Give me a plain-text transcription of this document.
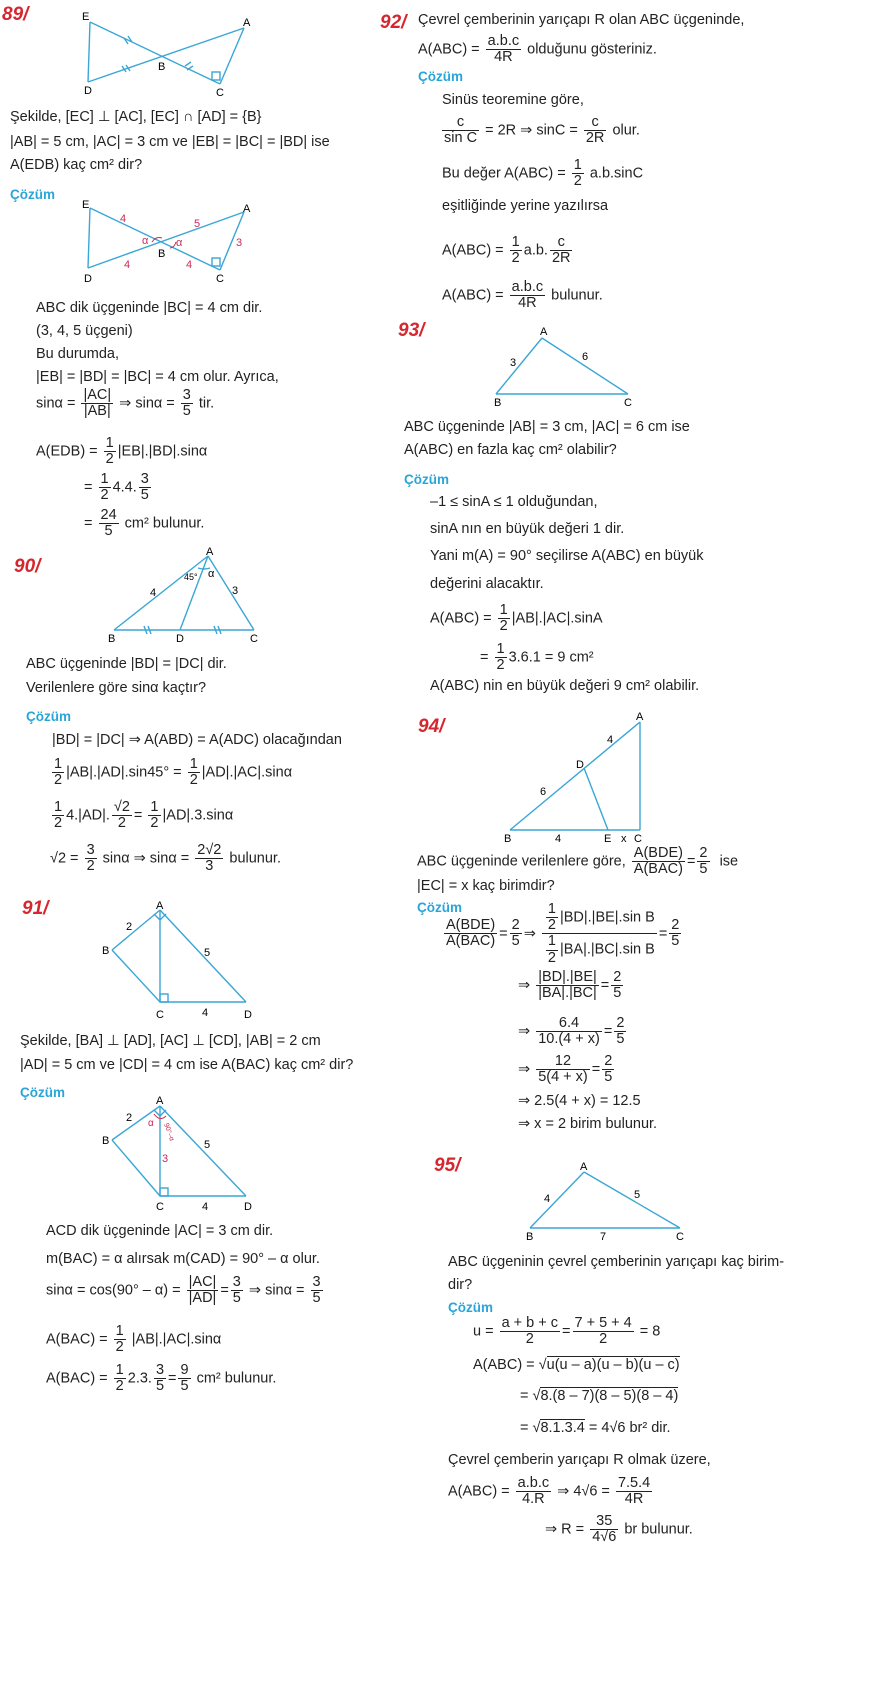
89/	E	A
B
D	C
Şekilde, [EC] ⊥ [AC], [EC] ∩ [AD] = {B}
|AB| = 5 cm, |AC| = 3 cm ve |EB| = |BC| = |BD| ise
A(EDB) kaç cm² dir?
Çözüm
E	A
B
D	C
4	5
3
4	4
α	α
ABC dik üçgeninde |BC| = 4 cm dir.
(3, 4, 5 üçgeni)
Bu durumda,
|EB| = |BD| = |BC| = 4 cm olur. Ayrıca,
$\sin\alpha = \frac{|AC|}{|AB|}$ ⇒ $\sin\alpha = \frac{3}{5}$ tir.
$A(EDB) = \frac{1}{2} |EB|.|BD|.\sin\alpha$
= $\frac{1}{2} 4.4$. $\frac{3}{5}$
= $\frac{24}{5} cm^2$ bulunur.
90/
A
B	D	C
4	3
45° α
ABC üçgeninde |BD| = |DC| dir.
Verilenlere göre sinα kaçtır?
Çözüm
|BD| = |DC| ⇒ A(ABD) = A(ADC) olacağından
$\frac{1}{2} |AB|.|AD|.\sin 45^\circ = \frac{1}{2} |AD|.|AC|.\sin\alpha$
$\frac{1}{2} 4.|AD|$. $\frac{√2}{2} = \frac{1}{2} |AD|.3.\sin\alpha$
$√2 = \frac{3}{2}$ sinα ⇒ $\sin\alpha = \frac{2√2}{3}$ bulunur.
91/	A
B
C	D
2
5
4
Şekilde, [BA] ⊥ [AD], [AC] ⊥ [CD], |AB| = 2 cm
|AD| = 5 cm ve |CD| = 4 cm ise A(BAC) kaç cm² dir?
Çözüm
A
B
C	D
2
5
4
3
α 90°–α
ACD dik üçgeninde |AC| = 3 cm dir.
m(BAC) = α alırsak m(CAD) = 90° – α olur.
$\sin\alpha = \cos(90^\circ - \alpha) = \frac{|AC|}{|AD|} = \frac{3}{5}$ ⇒ $\sin\alpha = \frac{3}{5}$
$A(BAC) = \frac{1}{2} |AB|.|AC|.\sin\alpha$
$A(BAC) = \frac{1}{2} 2.3$. $\frac{3}{5} = \frac{9}{5} cm^2$ bulunur.
92/ Çevrel çemberinin yarıçapı R olan ABC üçgeninde,
$A(ABC) = \frac{a.b.c}{4R}$ olduğunu gösteriniz.
Çözüm
Sinüs teoremine göre,
$\frac{c}{\text{sin C}} = 2R$ ⇒ $\sin C = \frac{c}{2R}$ olur.
Bu değer $A(ABC) = \frac{1}{2} a.b.\sin C$
eşitliğinde yerine yazılırsa
$A(ABC) = \frac{1}{2} a.b$. $\frac{c}{2R}$
$A(ABC) = \frac{a.b.c}{4R}$ bulunur.
93/	A
B	C
3	6
ABC üçgeninde |AB| = 3 cm, |AC| = 6 cm ise
A(ABC) en fazla kaç cm² olabilir?
Çözüm
–1 ≤ sinA ≤ 1 olduğundan,
sinA nın en büyük değeri 1 dir.
Yani m(A) = 90° seçilirse A(ABC) en büyük
değerini alacaktır.
$A(ABC) = \frac{1}{2} |AB|.|AC|.\sin A$
= $\frac{1}{2} 3.6.1 = 9$ cm²
A(ABC) nin en büyük değeri 9 cm² olabilir.
94/	A
B	C
D
E
4
6
4	x
ABC üçgeninde verilenlere göre,
A(BDE)
$A(BAC) = \frac{2}{5}$ ise
|EC| = x kaç birimdir?
Çözüm
A(BDE)
$A(BAC) = \frac{2}{5}$ ⇒ $\frac{\frac{1}{2} |BD|.|BE|.\sin B}{\frac{1}{2} |BA|.|BC|.\sin B} = \frac{2}{5}$
⇒ $\frac{|BD|.|BE|}{|BA|.|BC|} = \frac{2}{5}$
⇒ $\frac{6.4}{10.(4 + x)} = \frac{2}{5}$
⇒ $\frac{12}{5(4 + x)} = \frac{2}{5}$
⇒ 2.5(4 + x) = 12.5
⇒ x = 2 birim bulunur.
95/	A
B	C
4	5
7
ABC üçgeninin çevrel çemberinin yarıçapı kaç birim-
dir?
Çözüm
$u = \frac{a + b + c}{2} = \frac{7 + 5 + 4}{2} = 8$
A(ABC) = √u(u – a)(u – b)(u – c)
= √8.(8 – 7)(8 – 5)(8 – 4)
= √8.1.3.4 = 4√6 br² dir.
Çevrel çemberin yarıçapı R olmak üzere,
$A(ABC) = \frac{a.b.c}{4.R}$ ⇒ $4√6 = \frac{7.5.4}{4R}$
⇒ $R = \frac{35}{4√6}$ br bulunur.
